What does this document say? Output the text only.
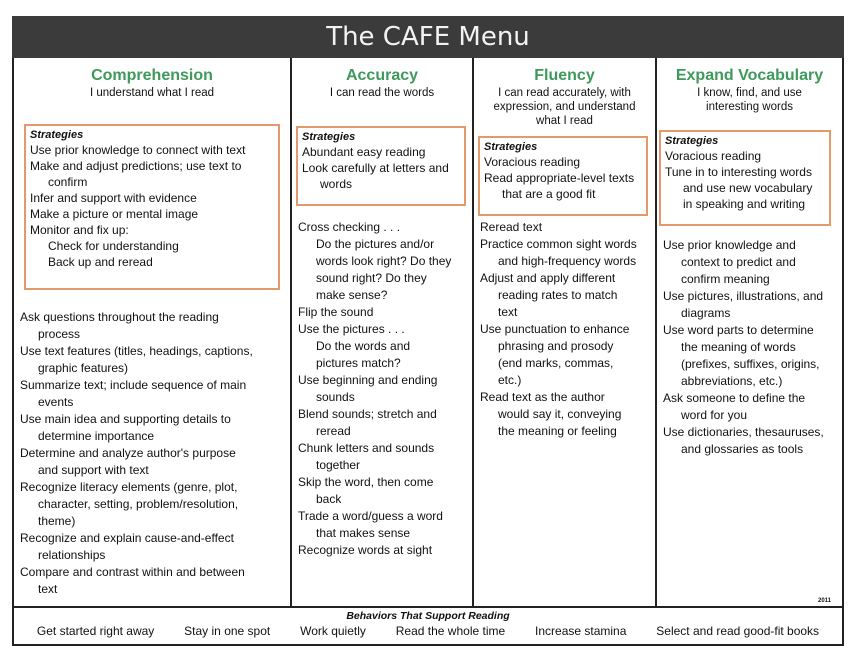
The CAFE Menu
Comprehension
I understand what I read
Strategies
Use prior knowledge to connect with text
Make and adjust predictions; use text to
confirm
Infer and support with evidence
Make a picture or mental image
Monitor and fix up:
Check for understanding
Back up and reread
Ask questions throughout the reading
process
Use text features (titles, headings, captions,
graphic features)
Summarize text; include sequence of main
events
Use main idea and supporting details to
determine importance
Determine and analyze author's purpose
and support with text
Recognize literacy elements (genre, plot,
character, setting, problem/resolution,
theme)
Recognize and explain cause-and-effect
relationships
Compare and contrast within and between
text
Accuracy
I can read the words
Strategies
Abundant easy reading
Look carefully at letters and
words
Cross checking . . .
Do the pictures and/or
words look right? Do they
sound right? Do they
make sense?
Flip the sound
Use the pictures . . .
Do the words and
pictures match?
Use beginning and ending
sounds
Blend sounds; stretch and
reread
Chunk letters and sounds
together
Skip the word, then come
back
Trade a word/guess a word
that makes sense
Recognize words at sight
Fluency
I can read accurately, with
expression, and understand
what I read
Strategies
Voracious reading
Read appropriate-level texts
that are a good fit
Reread text
Practice common sight words
and high-frequency words
Adjust and apply different
reading rates to match
text
Use punctuation to enhance
phrasing and prosody
(end marks, commas,
etc.)
Read text as the author
would say it, conveying
the meaning or feeling
Expand Vocabulary
I know, find, and use
interesting words
Strategies
Voracious reading
Tune in to interesting words
and use new vocabulary
in speaking and writing
Use prior knowledge and
context to predict and
confirm meaning
Use pictures, illustrations, and
diagrams
Use word parts to determine
the meaning of words
(prefixes, suffixes, origins,
abbreviations, etc.)
Ask someone to define the
word for you
Use dictionaries, thesauruses,
and glossaries as tools
Behaviors That Support Reading
Get started right away Stay in one spot Work quietly Read the whole time Increase stamina Select and read good-fit books
2011
